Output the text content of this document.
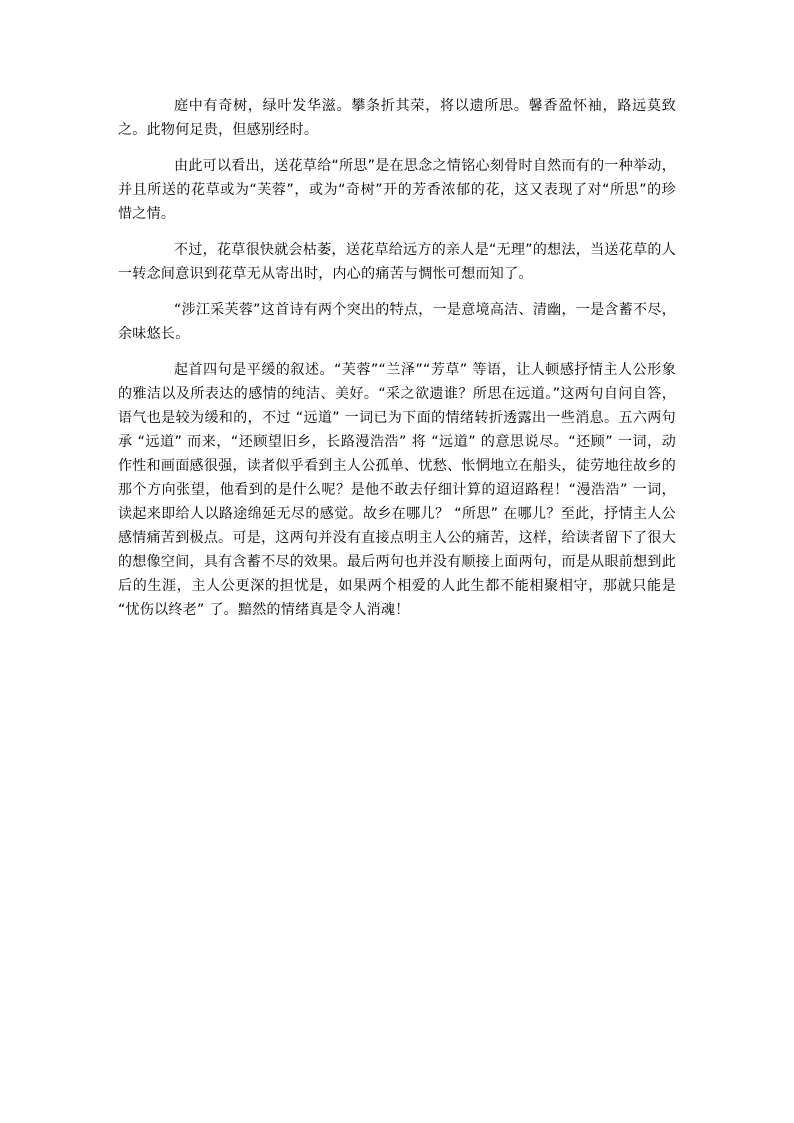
庭中有奇树，绿叶发华滋。攀条折其荣，将以遗所思。馨香盈怀袖，路远莫致之。此物何足贵，但感别经时。

由此可以看出，送花草给“所思”是在思念之情铭心刻骨时自然而有的一种举动，并且所送的花草或为“芙蓉”，或为“奇树”开的芳香浓郁的花，这又表现了对“所思”的珍惜之情。

不过，花草很快就会枯萎，送花草给远方的亲人是“无理”的想法，当送花草的人一转念间意识到花草无从寄出时，内心的痛苦与惆怅可想而知了。

“涉江采芙蓉”这首诗有两个突出的特点，一是意境高洁、清幽，一是含蓄不尽，余味悠长。

起首四句是平缓的叙述。“芙蓉”“兰泽”“芳草” 等语，让人顿感抒情主人公形象的雅洁以及所表达的感情的纯洁、美好。“采之欲遗谁？所思在远道。”这两句自问自答，语气也是较为缓和的，不过 “远道” 一词已为下面的情绪转折透露出一些消息。五六两句承 “远道” 而来，“还顾望旧乡，长路漫浩浩” 将 “远道” 的意思说尽。“还顾” 一词，动作性和画面感很强，读者似乎看到主人公孤单、忧愁、怅惘地立在船头，徒劳地往故乡的那个方向张望，他看到的是什么呢？是他不敢去仔细计算的迢迢路程！“漫浩浩” 一词，读起来即给人以路途绵延无尽的感觉。故乡在哪儿？ “所思” 在哪儿？至此，抒情主人公感情痛苦到极点。可是，这两句并没有直接点明主人公的痛苦，这样，给读者留下了很大的想像空间，具有含蓄不尽的效果。最后两句也并没有顺接上面两句，而是从眼前想到此后的生涯，主人公更深的担忧是，如果两个相爱的人此生都不能相聚相守，那就只能是 “忧伤以终老” 了。黯然的情绪真是令人消魂！
